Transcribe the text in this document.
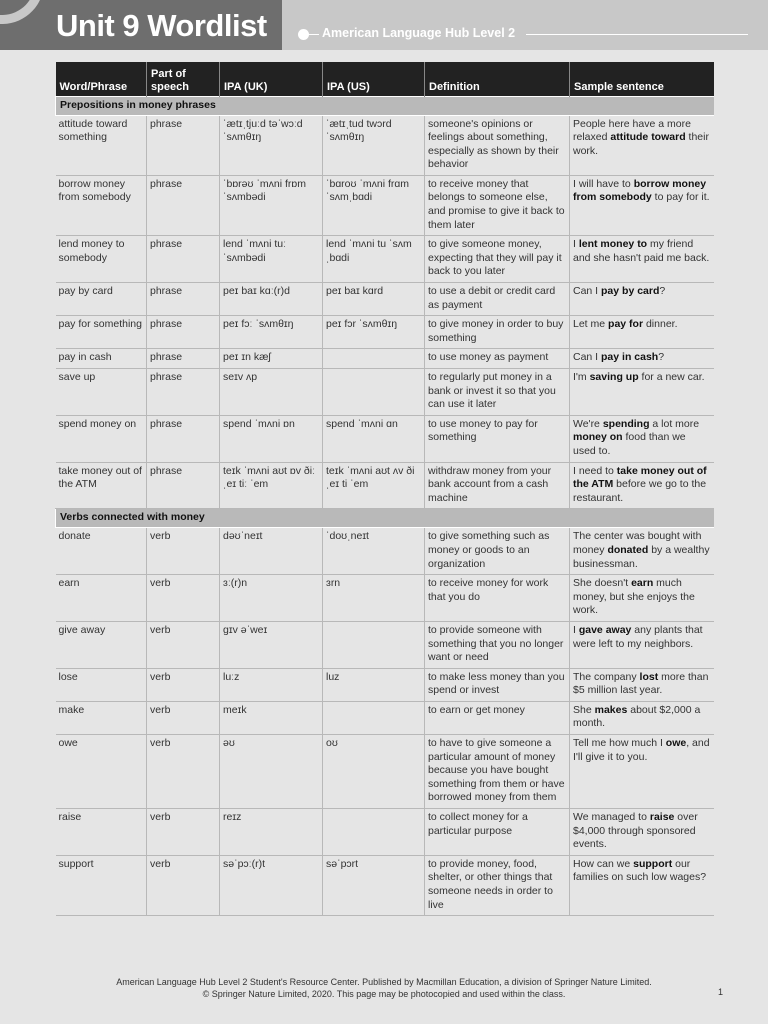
Unit 9 Wordlist	American Language Hub Level 2
Word/Phrase	Part of speech	IPA (UK)	IPA (US)	Definition	Sample sentence
Prepositions in money phrases					
attitude toward something	phrase	ˈætɪˌtjuːd təˈwɔːd ˈsʌmθɪŋ	ˈætɪˌtud twɔrd ˈsʌmθɪŋ	someone's opinions or feelings about something, especially as shown by their behavior	People here have a more relaxed attitude toward their work.
borrow money from somebody	phrase	ˈbɒrəʊ ˈmʌni frɒm ˈsʌmbədi	ˈbɑroʊ ˈmʌni frɑm ˈsʌmˌbɑdi	to receive money that belongs to someone else, and promise to give it back to them later	I will have to borrow money from somebody to pay for it.
lend money to somebody	phrase	lend ˈmʌni tuː ˈsʌmbədi	lend ˈmʌni tu ˈsʌmˌbɑdi	to give someone money, expecting that they will pay it back to you later	I lent money to my friend and she hasn't paid me back.
pay by card	phrase	peɪ baɪ kɑː(r)d	peɪ baɪ kɑrd	to use a debit or credit card as payment	Can I pay by card?
pay for something	phrase	peɪ fɔː ˈsʌmθɪŋ	peɪ fɔr ˈsʌmθɪŋ	to give money in order to buy something	Let me pay for dinner.
pay in cash	phrase	peɪ ɪn kæʃ		to use money as payment	Can I pay in cash?
save up	phrase	seɪv ʌp		to regularly put money in a bank or invest it so that you can use it later	I'm saving up for a new car.
spend money on	phrase	spend ˈmʌni ɒn	spend ˈmʌni ɑn	to use money to pay for something	We're spending a lot more money on food than we used to.
take money out of the ATM	phrase	teɪk ˈmʌni aʊt ɒv ðiː ˌeɪ tiː ˈem	teɪk ˈmʌni aʊt ʌv ði ˌeɪ ti ˈem	withdraw money from your bank account from a cash machine	I need to take money out of the ATM before we go to the restaurant.
Verbs connected with money					
donate	verb	dəʊˈneɪt	ˈdoʊˌneɪt	to give something such as money or goods to an organization	The center was bought with money donated by a wealthy businessman.
earn	verb	ɜː(r)n	ɜrn	to receive money for work that you do	She doesn't earn much money, but she enjoys the work.
give away	verb	ɡɪv əˈweɪ		to provide someone with something that you no longer want or need	I gave away any plants that were left to my neighbors.
lose	verb	luːz	luz	to make less money than you spend or invest	The company lost more than $5 million last year.
make	verb	meɪk		to earn or get money	She makes about $2,000 a month.
owe	verb	əʊ	oʊ	to have to give someone a particular amount of money because you have bought something from them or have borrowed money from them	Tell me how much I owe, and I'll give it to you.
raise	verb	reɪz		to collect money for a particular purpose	We managed to raise over $4,000 through sponsored events.
support	verb	səˈpɔː(r)t	səˈpɔrt	to provide money, food, shelter, or other things that someone needs in order to live	How can we support our families on such low wages?
American Language Hub Level 2 Student's Resource Center. Published by Macmillan Education, a division of Springer Nature Limited.
© Springer Nature Limited, 2020. This page may be photocopied and used within the class.	1
